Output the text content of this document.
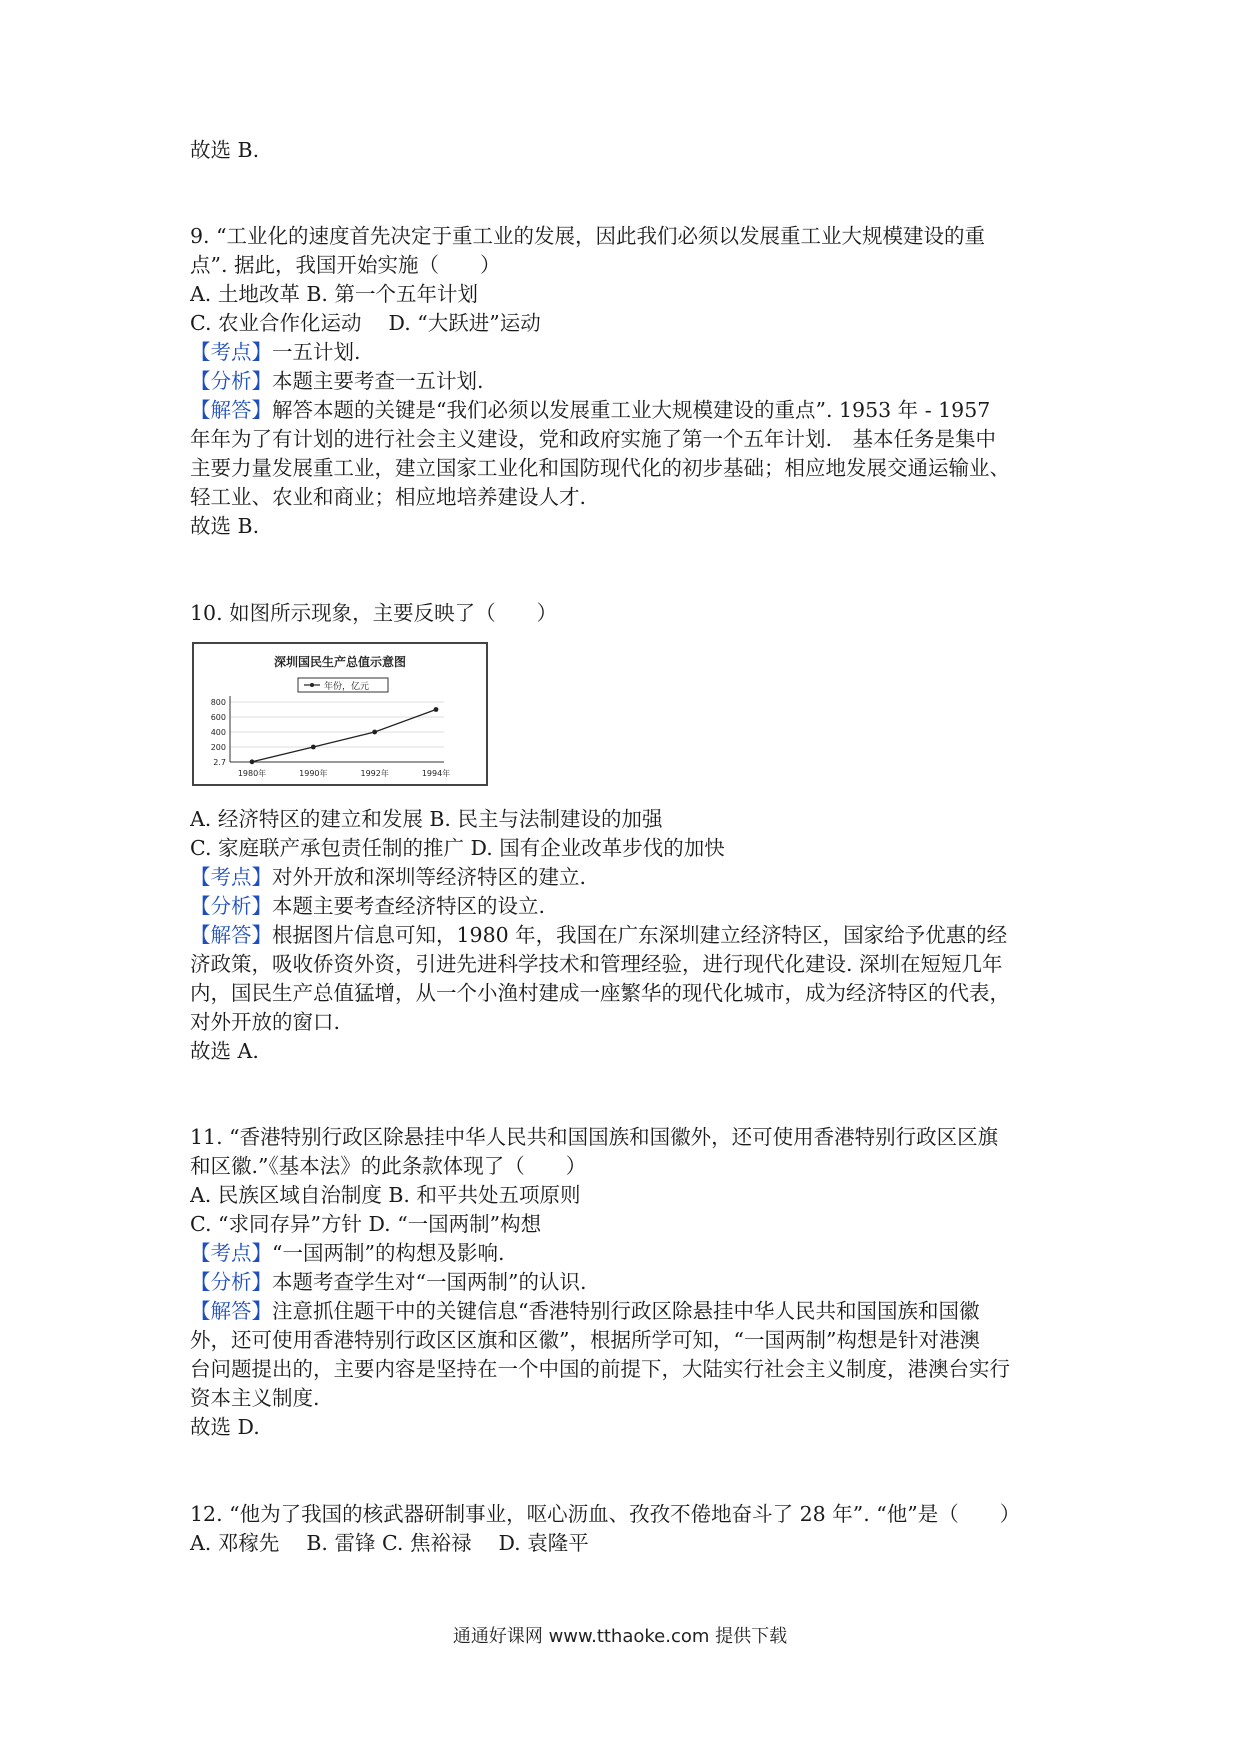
故选 B.
9. “工业化的速度首先决定于重工业的发展，因此我们必须以发展重工业大规模建设的重
点”. 据此，我国开始实施（　　）
A. 土地改革 B. 第一个五年计划
C. 农业合作化运动　 D. “大跃进”运动
【考点】一五计划.
【分析】本题主要考查一五计划.
【解答】解答本题的关键是“我们必须以发展重工业大规模建设的重点”. 1953 年 - 1957
年年为了有计划的进行社会主义建设，党和政府实施了第一个五年计划.　基本任务是集中
主要力量发展重工业，建立国家工业化和国防现代化的初步基础；相应地发展交通运输业、
轻工业、农业和商业；相应地培养建设人才.
故选 B.
10. 如图所示现象，主要反映了（　　）
深圳国民生产总值示意图
年份，亿元
800
600
400
200
2.7
1980年	1990年	1992年	1994年
A. 经济特区的建立和发展 B. 民主与法制建设的加强
C. 家庭联产承包责任制的推广 D. 国有企业改革步伐的加快
【考点】对外开放和深圳等经济特区的建立.
【分析】本题主要考查经济特区的设立.
【解答】根据图片信息可知，1980 年，我国在广东深圳建立经济特区，国家给予优惠的经
济政策，吸收侨资外资，引进先进科学技术和管理经验，进行现代化建设. 深圳在短短几年
内，国民生产总值猛增，从一个小渔村建成一座繁华的现代化城市，成为经济特区的代表，
对外开放的窗口.
故选 A.
11. “香港特别行政区除悬挂中华人民共和国国族和国徽外，还可使用香港特别行政区区旗
和区徽.”《基本法》的此条款体现了（　　）
A. 民族区域自治制度 B. 和平共处五项原则
C. “求同存异”方针 D. “一国两制”构想
【考点】“一国两制”的构想及影响.
【分析】本题考查学生对“一国两制”的认识.
【解答】注意抓住题干中的关键信息“香港特别行政区除悬挂中华人民共和国国族和国徽
外，还可使用香港特别行政区区旗和区徽”，根据所学可知，“一国两制”构想是针对港澳
台问题提出的，主要内容是坚持在一个中国的前提下，大陆实行社会主义制度，港澳台实行
资本主义制度.
故选 D.
12. “他为了我国的核武器研制事业，呕心沥血、孜孜不倦地奋斗了 28 年”. “他”是（　　）
A. 邓稼先　 B. 雷锋 C. 焦裕禄　 D. 袁隆平
通通好课网 www.tthaoke.com 提供下载
